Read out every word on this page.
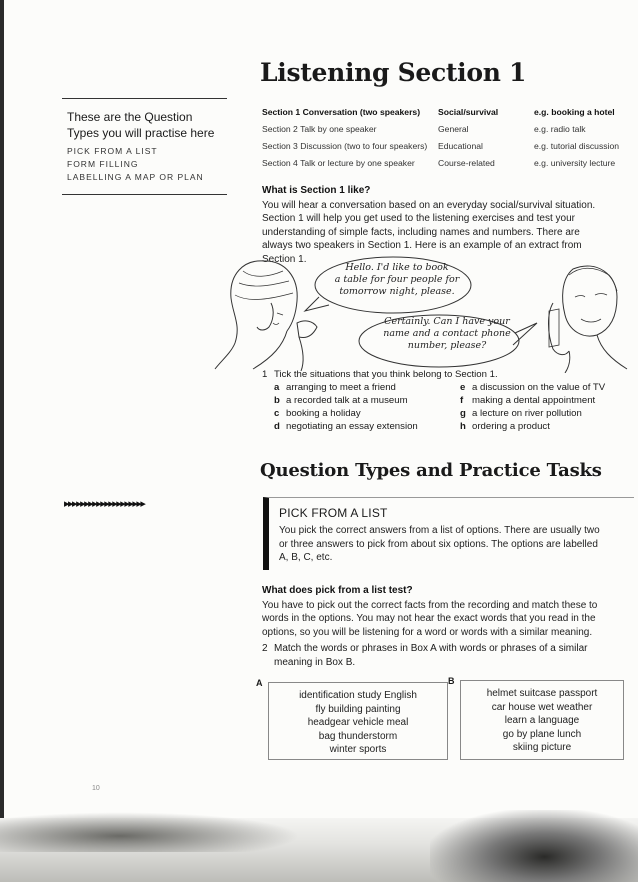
Listening Section 1
These are the Question
Types you will practise here
PICK FROM A LIST
FORM FILLING
LABELLING A MAP OR PLAN
Section 1 Conversation (two speakers)	Social/survival	e.g. booking a hotel
Section 2 Talk by one speaker	General	e.g. radio talk
Section 3 Discussion (two to four speakers)	Educational	e.g. tutorial discussion
Section 4 Talk or lecture by one speaker	Course-related	e.g. university lecture
What is Section 1 like?
You will hear a conversation based on an everyday social/survival situation.
Section 1 will help you get used to the listening exercises and test your
understanding of simple facts, including names and numbers. There are
always two speakers in Section 1. Here is an example of an extract from
Section 1.
Hello. I'd like to book
a table for four people for
tomorrow night, please.
Certainly. Can I have your
name and a contact phone
number, please?
1 Tick the situations that you think belong to Section 1.
a arranging to meet a friend	e a discussion on the value of TV
b a recorded talk at a museum	f making a dental appointment
c booking a holiday	g a lecture on river pollution
d negotiating an essay extension	h ordering a product
Question Types and Practice Tasks
▸▸▸▸▸▸▸▸▸▸▸▸▸▸▸▸▸▸▸▸
PICK FROM A LIST
You pick the correct answers from a list of options. There are usually two
or three answers to pick from about six options. The options are labelled
A, B, C, etc.
What does pick from a list test?
You have to pick out the correct facts from the recording and match these to
words in the options. You may not hear the exact words that you read in the
options, so you will be listening for a word or words with a similar meaning.
2 Match the words or phrases in Box A with words or phrases of a similar
meaning in Box B.
A
identification study English
fly building painting
headgear vehicle meal
bag thunderstorm
winter sports
B
helmet suitcase passport
car house wet weather
learn a language
go by plane lunch
skiing picture
10
